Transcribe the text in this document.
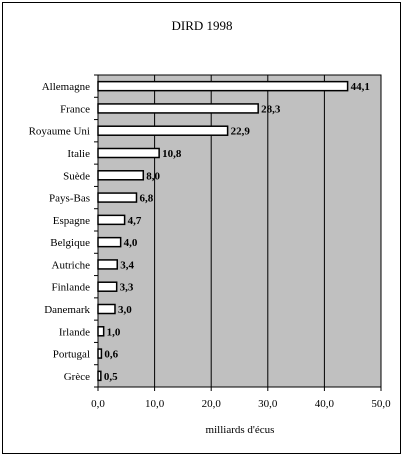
DIRD 1998
0,0	10,0	20,0	30,0	40,0	50,0
Allemagne	44,1
France	28,3
Royaume Uni	22,9
Italie	10,8
Suède	8,0
Pays-Bas	6,8
Espagne	4,7
Belgique	4,0
Autriche	3,4
Finlande	3,3
Danemark	3,0
Irlande 1,0
Portugal 0,6
Grèce 0,5
milliards d'écus
